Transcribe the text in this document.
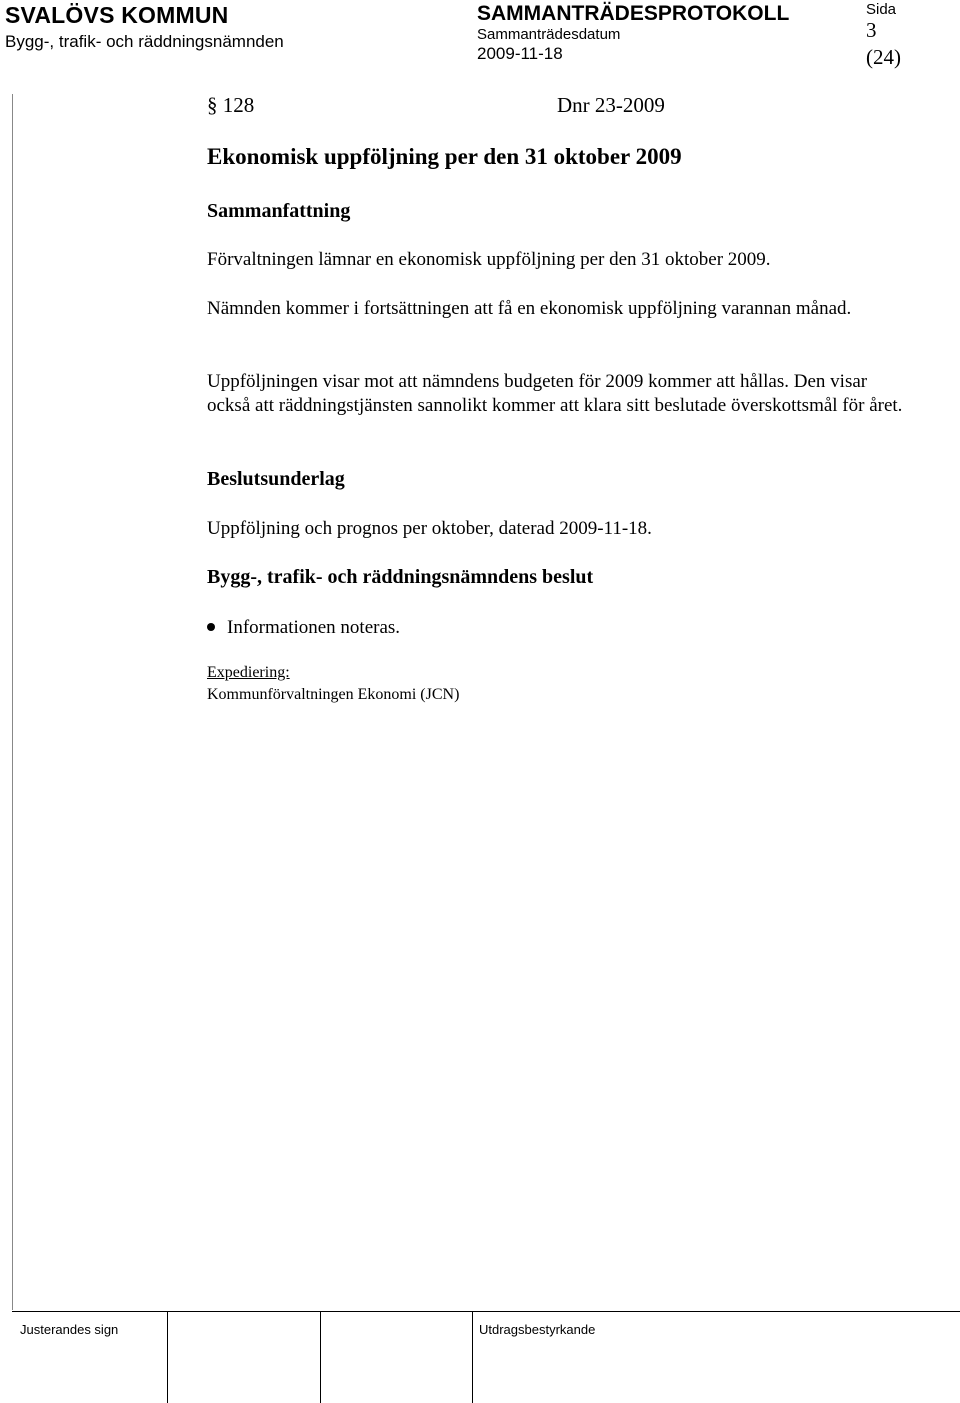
SVALÖVS KOMMUN
Bygg-, trafik- och räddningsnämnden
SAMMANTRÄDESPROTOKOLL
Sammanträdesdatum
2009-11-18
Sida
3
(24)
§ 128	Dnr 23-2009
Ekonomisk uppföljning per den 31 oktober 2009
Sammanfattning
Förvaltningen lämnar en ekonomisk uppföljning per den 31 oktober 2009.
Nämnden kommer i fortsättningen att få en ekonomisk uppföljning varannan månad.
Uppföljningen visar mot att nämndens budgeten för 2009 kommer att hållas. Den visar också att räddningstjänsten sannolikt kommer att klara sitt beslutade överskottsmål för året.
Beslutsunderlag
Uppföljning och prognos per oktober, daterad 2009-11-18.
Bygg-, trafik- och räddningsnämndens beslut
Informationen noteras.
Expediering:
Kommunförvaltningen Ekonomi (JCN)
Justerandes sign	Utdragsbestyrkande
